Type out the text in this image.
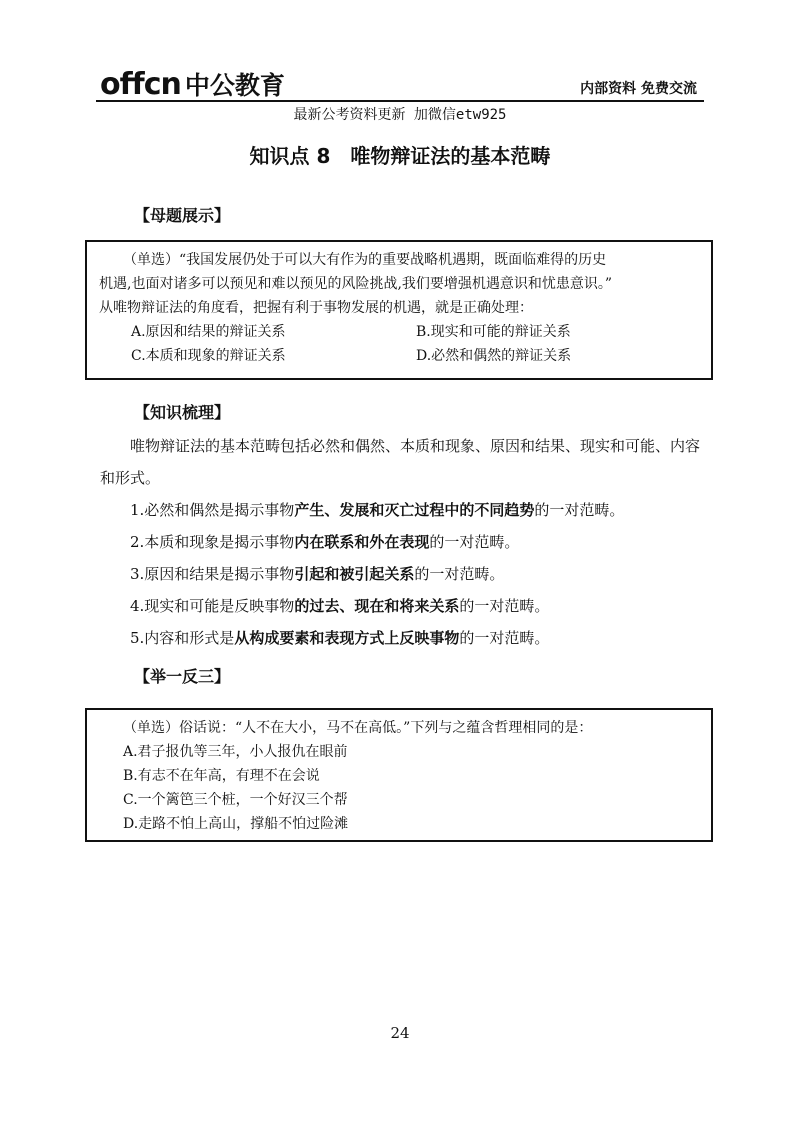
offcn 中公教育	内部资料 免费交流
最新公考资料更新 加微信etw925
知识点 8　唯物辩证法的基本范畴
【母题展示】
（单选）“我国发展仍处于可以大有作为的重要战略机遇期，既面临难得的历史
机遇,也面对诸多可以预见和难以预见的风险挑战,我们要增强机遇意识和忧患意识。”
从唯物辩证法的角度看，把握有利于事物发展的机遇，就是正确处理：
A.原因和结果的辩证关系	B.现实和可能的辩证关系
C.本质和现象的辩证关系	D.必然和偶然的辩证关系
【知识梳理】

唯物辩证法的基本范畴包括必然和偶然、本质和现象、原因和结果、现实和可能、内容和形式。

1.必然和偶然是揭示事物产生、发展和灭亡过程中的不同趋势的一对范畴。

2.本质和现象是揭示事物内在联系和外在表现的一对范畴。

3.原因和结果是揭示事物引起和被引起关系的一对范畴。

4.现实和可能是反映事物的过去、现在和将来关系的一对范畴。

5.内容和形式是从构成要素和表现方式上反映事物的一对范畴。

【举一反三】
（单选）俗话说：“人不在大小，马不在高低。”下列与之蕴含哲理相同的是：
A.君子报仇等三年，小人报仇在眼前
B.有志不在年高，有理不在会说
C.一个篱笆三个桩，一个好汉三个帮
D.走路不怕上高山，撑船不怕过险滩
24
